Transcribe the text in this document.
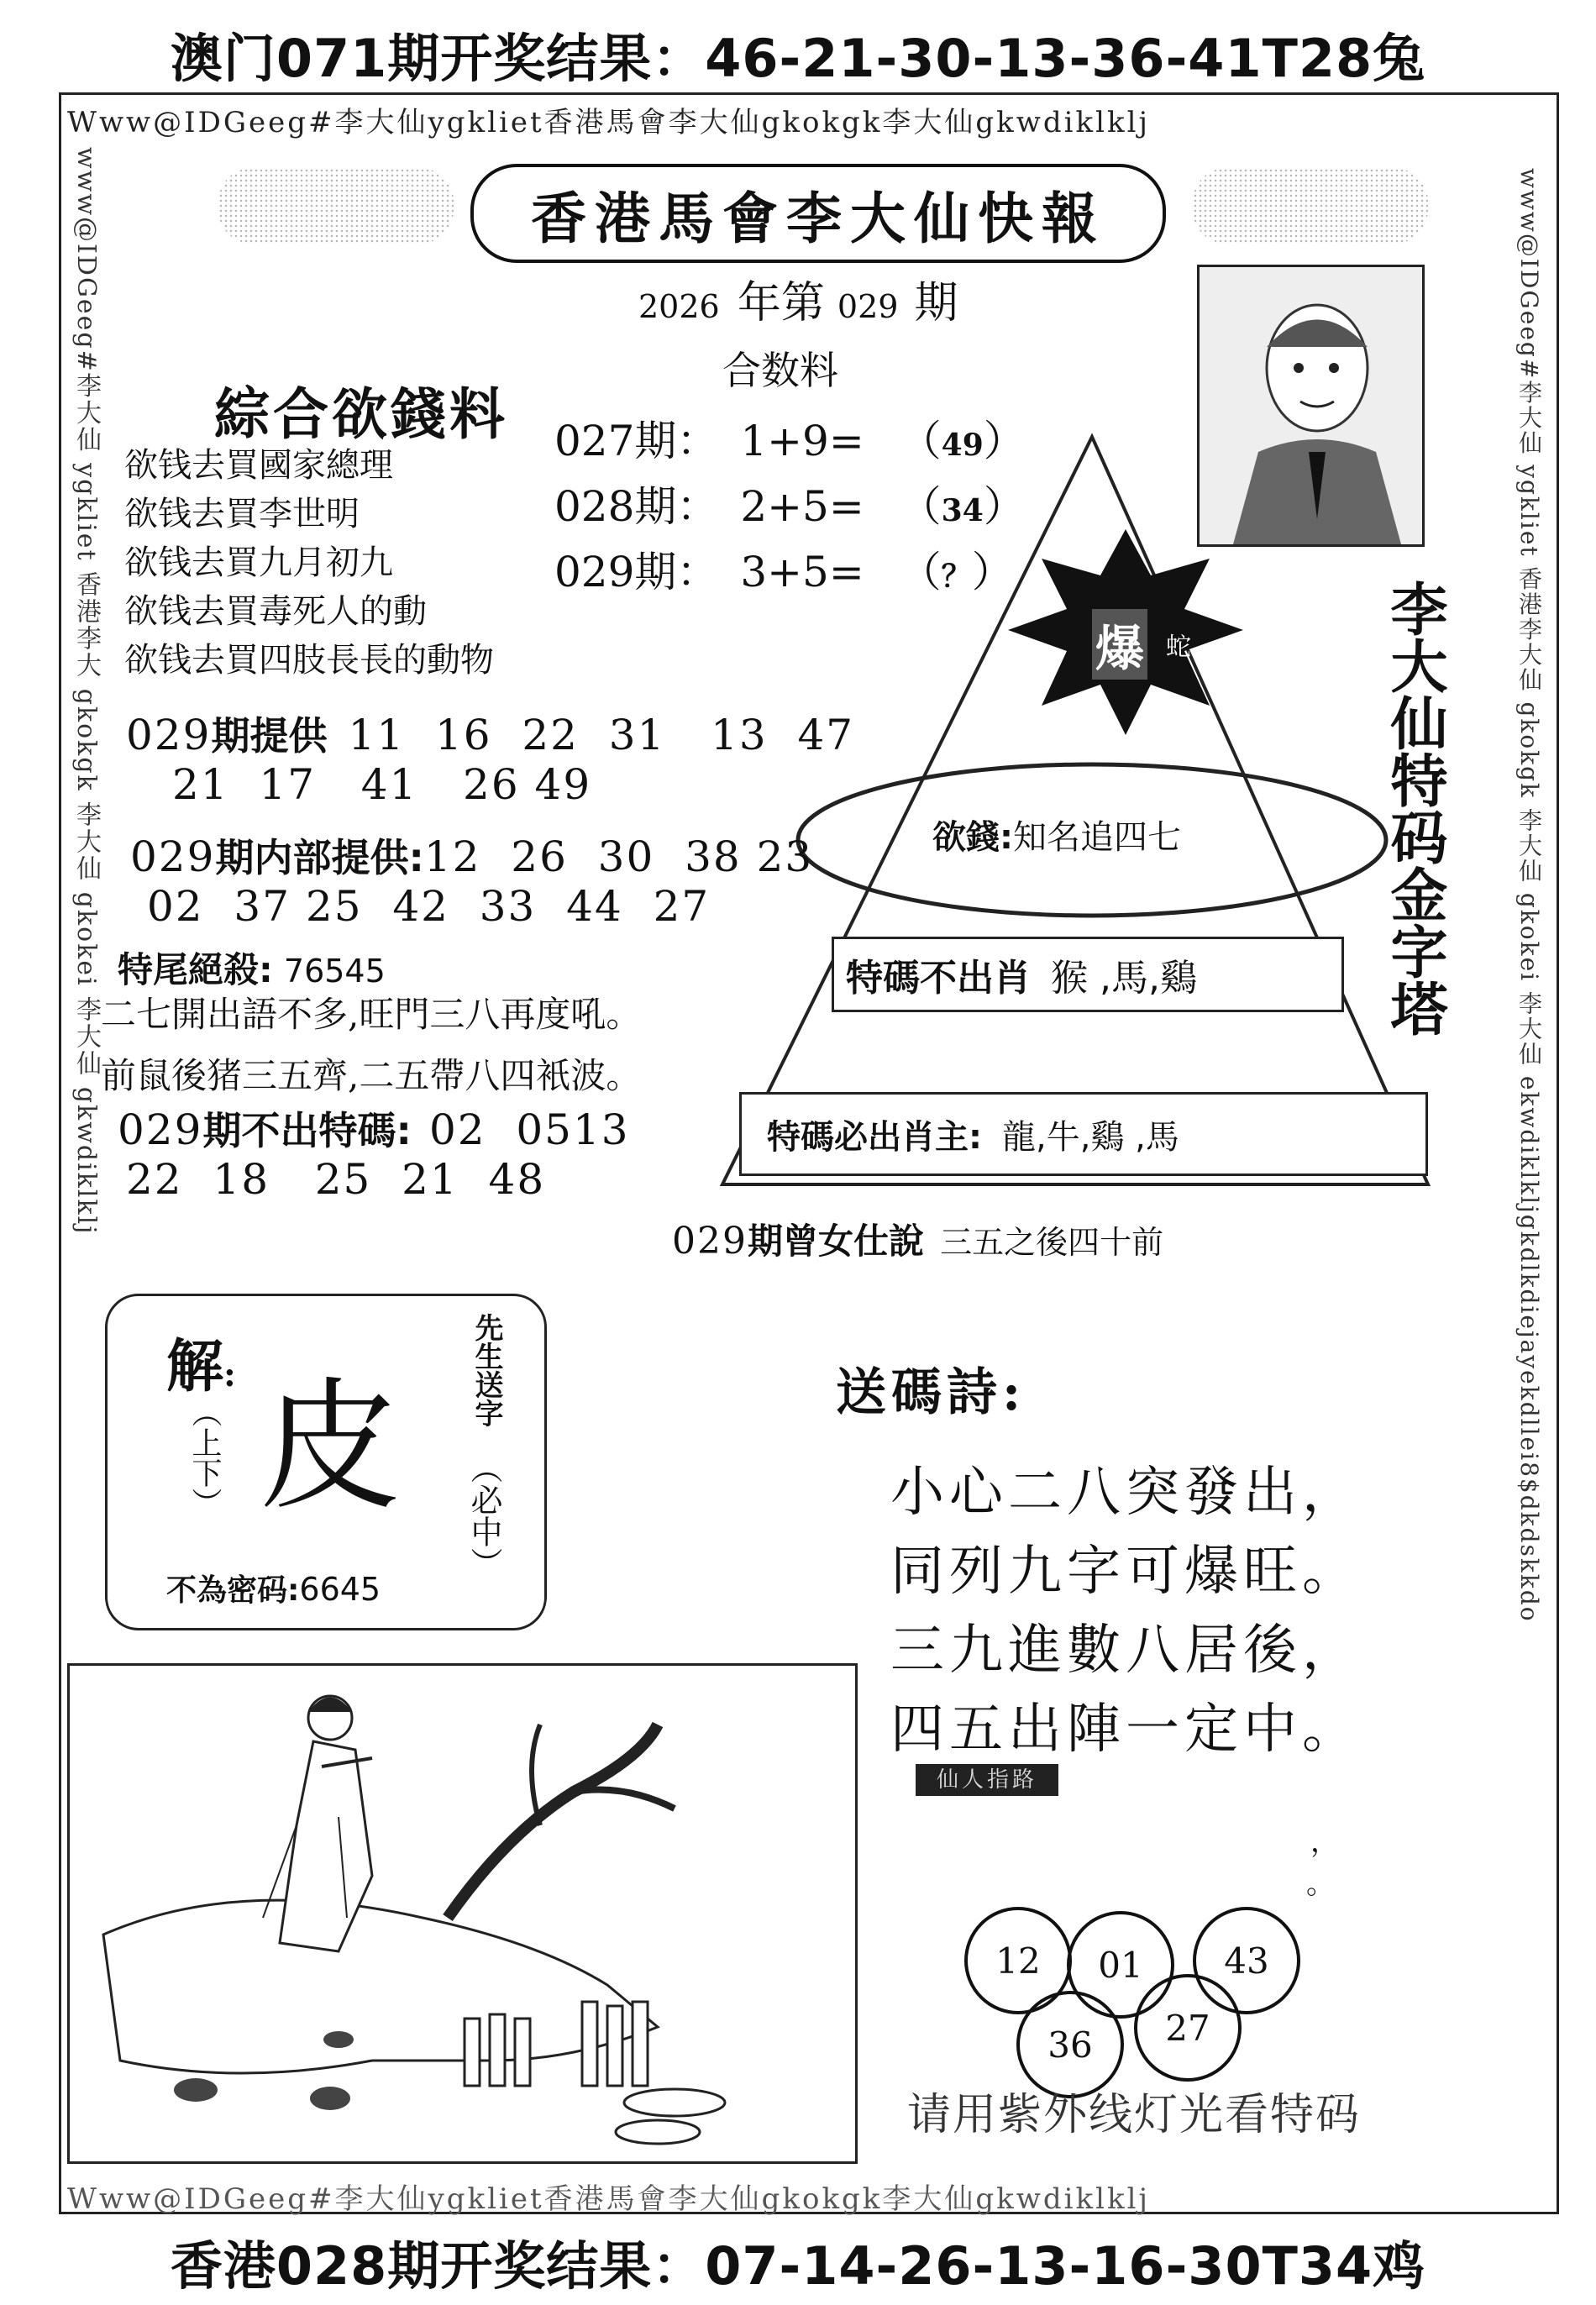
澳门071期开奖结果：46-21-30-13-36-41T28兔
香港028期开奖结果：07-14-26-13-16-30T34鸡
Www@IDGeeg#李大仙ygkliet香港馬會李大仙gkokgk李大仙gkwdiklklj
Www@IDGeeg#李大仙ygkliet香港馬會李大仙gkokgk李大仙gkwdiklklj
www@IDGeeg#李大仙 ygkliet 香港李大 gkokgk 李大仙 gkokei 李大仙 gkwdiklklj	www@IDGeeg#李大仙 ygkliet 香港李大仙 gkokgk 李大仙 gkokei 李大仙 ekwdiklkljgkdlkdiejayekdllei8$dkdskkdo
香港馬會李大仙快報
2026 年第 029 期
爆 蛇
欲錢:知名追四七
特碼不出肖 猴 ,馬,鷄
特碼必出肖主: 龍,牛,鷄 ,馬
李大仙特码金字塔
合数料
027期： 1+9= （49）
028期： 2+5= （34）
029期： 3+5= （？）
綜合欲錢料
欲钱去買國家總理
欲钱去買李世明
欲钱去買九月初九
欲钱去買毒死人的動
欲钱去買四肢長長的動物
029期提供 11  16  22  31   13  47
21  17   41   26 49
029期内部提供:12  26  30  38 23
02  37 25  42  33  44  27
特尾絕殺: 76545
二七開出語不多,旺門三八再度吼。
前鼠後猪三五齊,二五帶八四衹波。
029期不出特碼: 02  0513
22  18   25  21  48
029期曾女仕說 三五之後四十前
解:
（上下） 皮 先生送字
（必中）
不為密码:6645
送碼詩:
小心二八突發出，
同列九字可爆旺。
三九進數八居後，
四五出陣一定中。
仙人指路
，
。
12	01	43
36	27
请用紫外线灯光看特码
